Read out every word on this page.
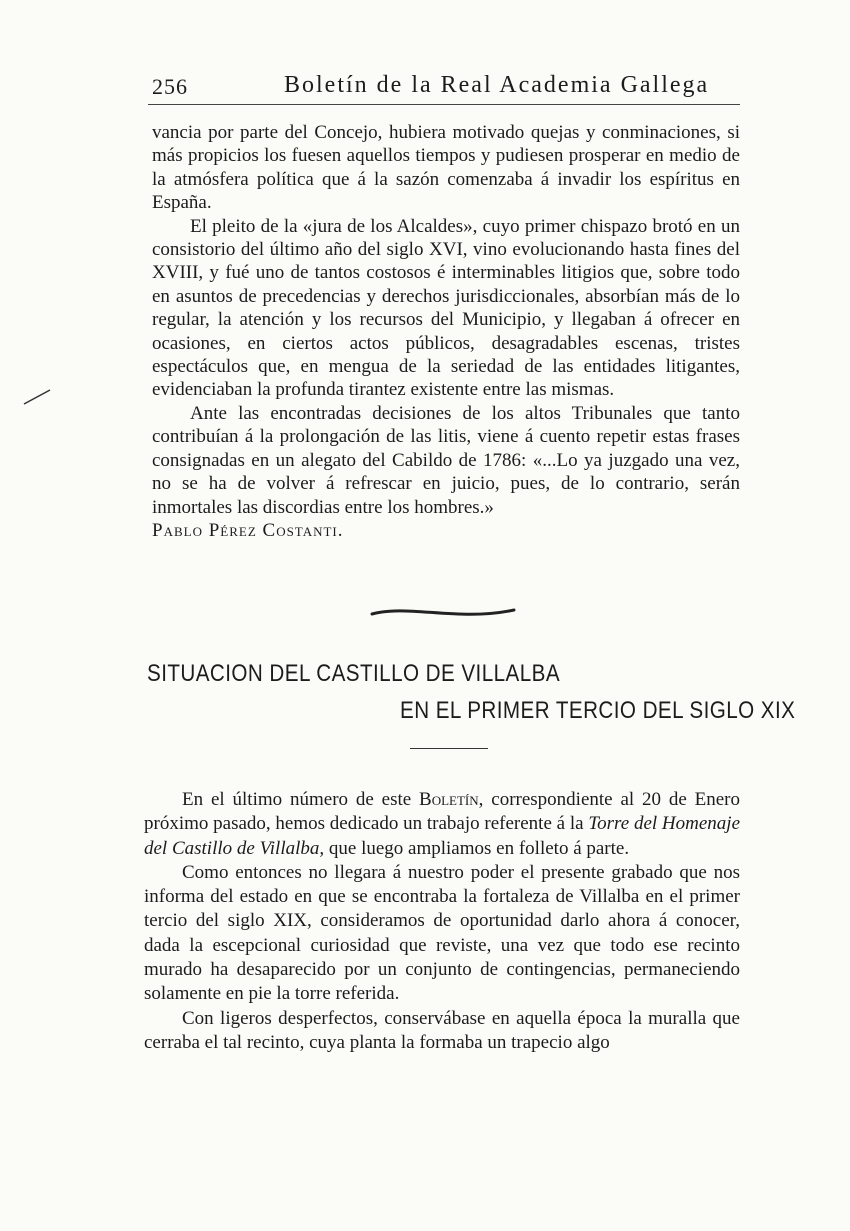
256	Boletín de la Real Academia Gallega

vancia por parte del Concejo, hubiera motivado quejas y conminaciones, si más propicios los fuesen aquellos tiempos y pudiesen prosperar en medio de la atmósfera política que á la sazón comenzaba á invadir los espíritus en España.

El pleito de la «jura de los Alcaldes», cuyo primer chispazo brotó en un consistorio del último año del siglo XVI, vino evolucionando hasta fines del XVIII, y fué uno de tantos costosos é interminables litigios que, sobre todo en asuntos de precedencias y derechos jurisdiccionales, absorbían más de lo regular, la atención y los recursos del Municipio, y llegaban á ofrecer en ocasiones, en ciertos actos públicos, desagradables escenas, tristes espectáculos que, en mengua de la seriedad de las entidades litigantes, evidenciaban la profunda tirantez existente entre las mismas.

Ante las encontradas decisiones de los altos Tribunales que tanto contribuían á la prolongación de las litis, viene á cuento repetir estas frases consignadas en un alegato del Cabildo de 1786: «...Lo ya juzgado una vez, no se ha de volver á refrescar en juicio, pues, de lo contrario, serán inmortales las discordias entre los hombres.»

Pablo Pérez Costanti.

SITUACION DEL CASTILLO DE VILLALBA
EN EL PRIMER TERCIO DEL SIGLO XIX

En el último número de este Boletín, correspondiente al 20 de Enero próximo pasado, hemos dedicado un trabajo referente á la Torre del Homenaje del Castillo de Villalba, que luego ampliamos en folleto á parte.

Como entonces no llegara á nuestro poder el presente grabado que nos informa del estado en que se encontraba la fortaleza de Villalba en el primer tercio del siglo XIX, consideramos de oportunidad darlo ahora á conocer, dada la escepcional curiosidad que reviste, una vez que todo ese recinto murado ha desaparecido por un conjunto de contingencias, permaneciendo solamente en pie la torre referida.

Con ligeros desperfectos, conservábase en aquella época la muralla que cerraba el tal recinto, cuya planta la formaba un trapecio algo
